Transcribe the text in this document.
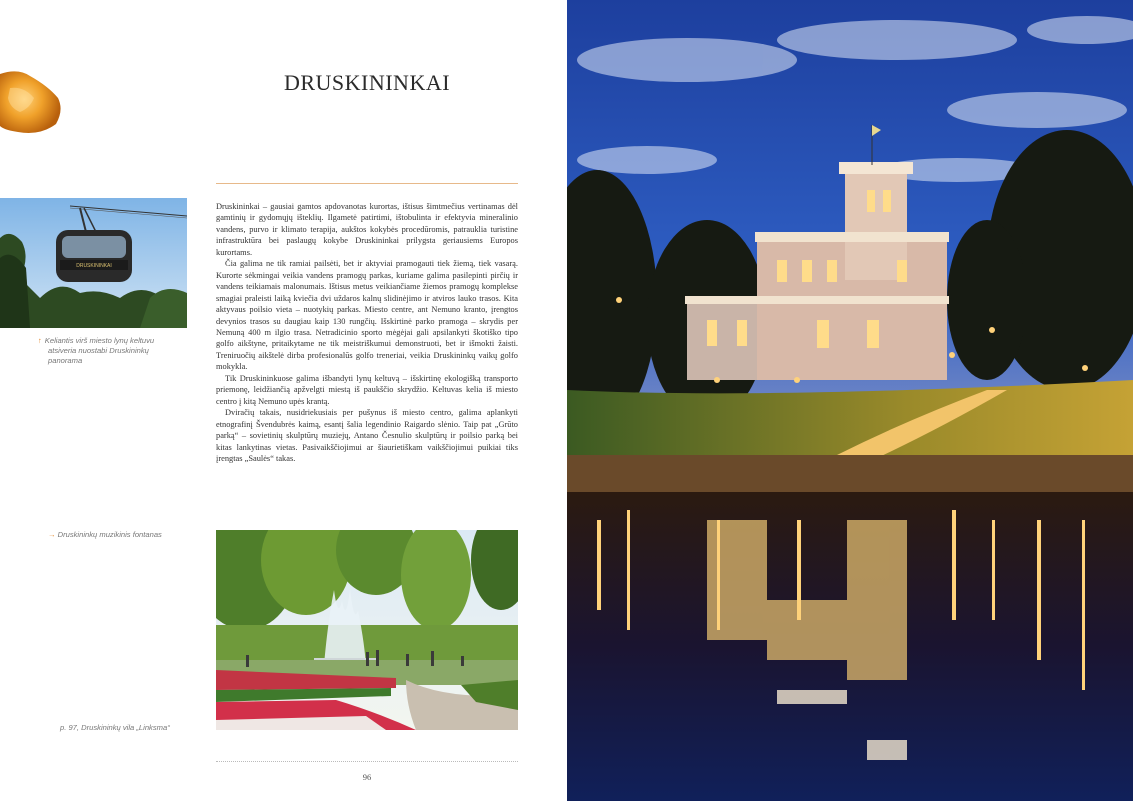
DRUSKININKAI
DRUSKININKAI
↑ Keliantis virš miesto lynų keltuvu atsiveria nuostabi Druskininkų panorama

Druskininkai – gausiai gamtos apdovanotas kurortas, ištisus šimtmečius vertinamas dėl gamtinių ir gydomųjų išteklių. Ilgametė patirtimi, ištobulinta ir efektyvia mineralinio vandens, purvo ir klimato terapija, aukštos kokybės procedūromis, patrauklia turistine infrastruktūra bei paslaugų kokybe Druskininkai prilygsta geriausiems Europos kurortams.

Čia galima ne tik ramiai pailsėti, bet ir aktyviai pramogauti tiek žiemą, tiek vasarą. Kurorte sėkmingai veikia vandens pramogų parkas, kuriame galima pasilepinti pirčių ir vandens teikiamais malonumais. Ištisus metus veikiančiame žiemos pramogų komplekse smagiai praleisti laiką kviečia dvi uždaros kalnų slidinėjimo ir atviros lauko trasos. Kita aktyvaus poilsio vieta – nuotykių parkas. Miesto centre, ant Nemuno kranto, įrengtos devynios trasos su daugiau kaip 130 rungčių. Išskirtinė parko pramoga – skrydis per Nemuną 400 m ilgio trasa. Netradicinio sporto mėgėjai gali apsilankyti škotiško tipo golfo aikštyne, pritaikytame ne tik meistriškumui demonstruoti, bet ir išmokti žaisti. Treniruočių aikštelė dirba profesionalūs golfo treneriai, veikia Druskininkų vaikų golfo mokykla.

Tik Druskininkuose galima išbandyti lynų keltuvą – išskirtinę ekologišką transporto priemonę, leidžiančią apžvelgti miestą iš paukščio skrydžio. Keltuvas kelia iš miesto centro į kitą Nemuno upės krantą.

Dviračių takais, nusidriekusiais per pušynus iš miesto centro, galima aplankyti etnografinį Švendubrės kaimą, esantį šalia legendinio Raigardo slėnio. Taip pat „Grūto parką“ – sovietinių skulptūrų muziejų, Antano Česnulio skulptūrų ir poilsio parką bei kitas lankytinas vietas. Pasivaikščiojimui ar šiaurietiškam vaikščiojimui puikiai tiks įrengtas „Saulės“ takas.

→ Druskininkų muzikinis fontanas
p. 97, Druskininkų vila „Linksma“
96
